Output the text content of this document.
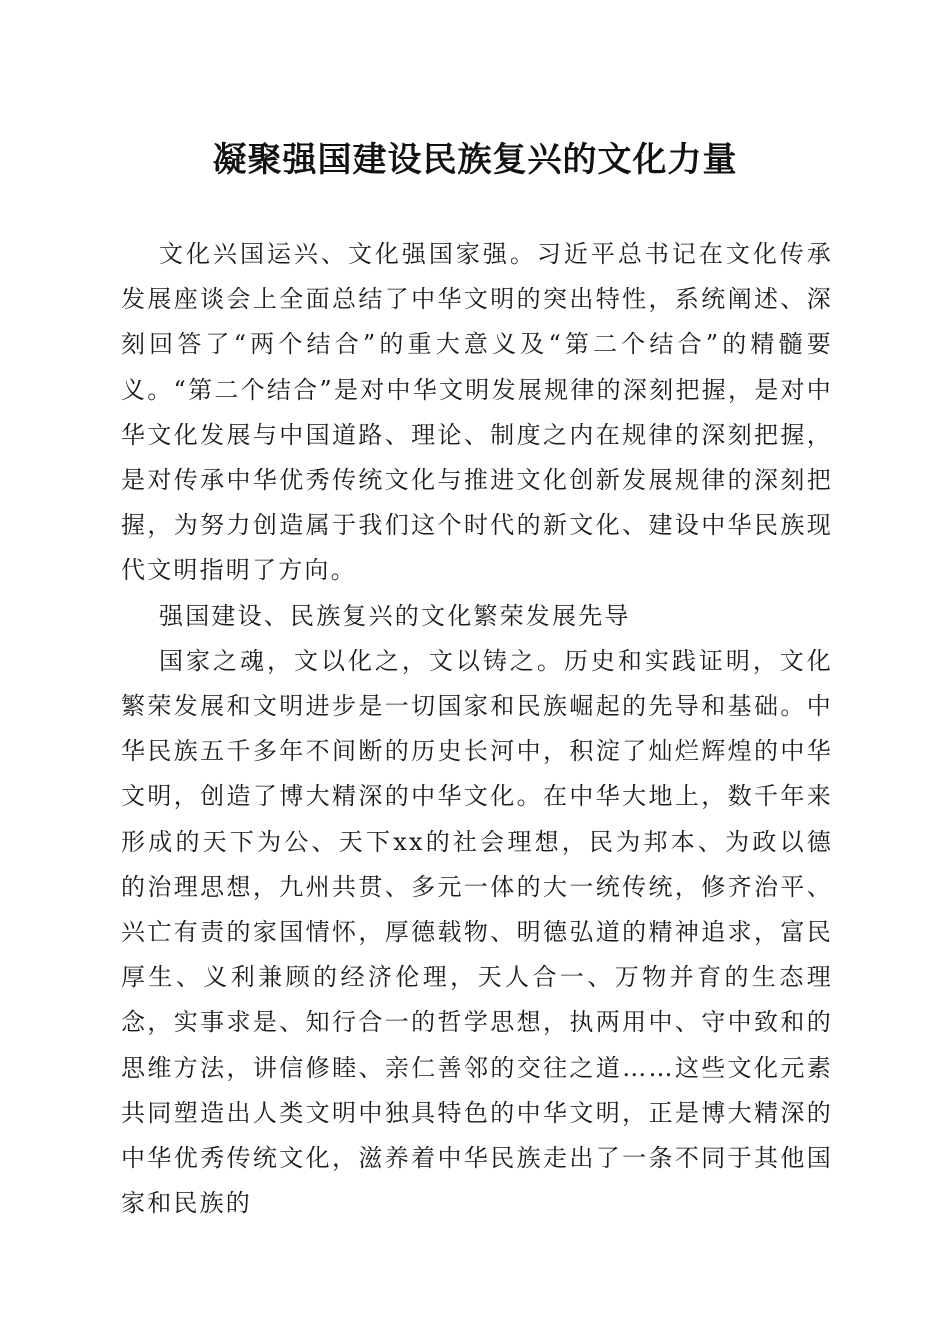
凝聚强国建设民族复兴的文化力量

文化兴国运兴、文化强国家强。习近平总书记在文化传承发展座谈会上全面总结了中华文明的突出特性，系统阐述、深刻回答了“两个结合”的重大意义及“第二个结合”的精髓要义。“第二个结合”是对中华文明发展规律的深刻把握，是对中华文化发展与中国道路、理论、制度之内在规律的深刻把握，是对传承中华优秀传统文化与推进文化创新发展规律的深刻把握，为努力创造属于我们这个时代的新文化、建设中华民族现代文明指明了方向。

强国建设、民族复兴的文化繁荣发展先导

国家之魂，文以化之，文以铸之。历史和实践证明，文化繁荣发展和文明进步是一切国家和民族崛起的先导和基础。中华民族五千多年不间断的历史长河中，积淀了灿烂辉煌的中华文明，创造了博大精深的中华文化。在中华大地上，数千年来形成的天下为公、天下xx的社会理想，民为邦本、为政以德的治理思想，九州共贯、多元一体的大一统传统，修齐治平、兴亡有责的家国情怀，厚德载物、明德弘道的精神追求，富民厚生、义利兼顾的经济伦理，天人合一、万物并育的生态理念，实事求是、知行合一的哲学思想，执两用中、守中致和的思维方法，讲信修睦、亲仁善邻的交往之道……这些文化元素共同塑造出人类文明中独具特色的中华文明，正是博大精深的中华优秀传统文化，滋养着中华民族走出了一条不同于其他国家和民族的
